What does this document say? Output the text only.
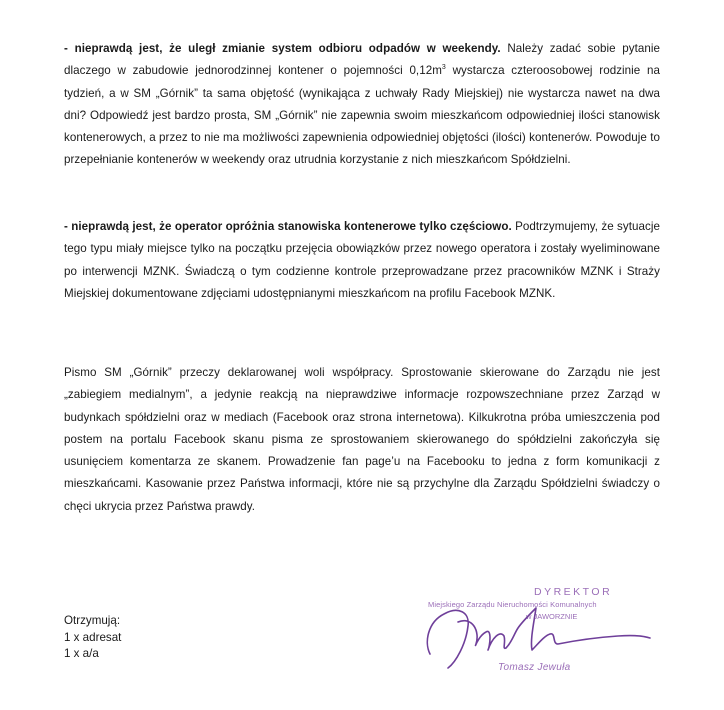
- nieprawdą jest, że uległ zmianie system odbioru odpadów w weekendy. Należy zadać sobie pytanie dlaczego w zabudowie jednorodzinnej kontener o pojemności $0,12m^3$ wystarcza czteroosobowej rodzinie na tydzień, a w SM „Górnik” ta sama objętość (wynikająca z uchwały Rady Miejskiej) nie wystarcza nawet na dwa dni? Odpowiedź jest bardzo prosta, SM „Górnik” nie zapewnia swoim mieszkańcom odpowiedniej ilości stanowisk kontenerowych, a przez to nie ma możliwości zapewnienia odpowiedniej objętości (ilości) kontenerów. Powoduje to przepełnianie kontenerów w weekendy oraz utrudnia korzystanie z nich mieszkańcom Spółdzielni.

- nieprawdą jest, że operator opróżnia stanowiska kontenerowe tylko częściowo. Podtrzymujemy, że sytuacje tego typu miały miejsce tylko na początku przejęcia obowiązków przez nowego operatora i zostały wyeliminowane po interwencji MZNK. Świadczą o tym codzienne kontrole przeprowadzane przez pracowników MZNK i Straży Miejskiej dokumentowane zdjęciami udostępnianymi mieszkańcom na profilu Facebook MZNK.

Pismo SM „Górnik” przeczy deklarowanej woli współpracy. Sprostowanie skierowane do Zarządu nie jest „zabiegiem medialnym”, a jedynie reakcją na nieprawdziwe informacje rozpowszechniane przez Zarząd w budynkach spółdzielni oraz w mediach (Facebook oraz strona internetowa). Kilkukrotna próba umieszczenia pod postem na portalu Facebook skanu pisma ze sprostowaniem skierowanego do spółdzielni zakończyła się usunięciem komentarza ze skanem. Prowadzenie fan page’u na Facebooku to jedna z form komunikacji z mieszkańcami. Kasowanie przez Państwa informacji, które nie są przychylne dla Zarządu Spółdzielni świadczy o chęci ukrycia przez Państwa prawdy.

Otrzymują:
1 x adresat
1 x a/a
DYREKTOR
Miejskiego Zarządu Nieruchomości Komunalnych
w JAWORZNIE
Tomasz Jewuła
